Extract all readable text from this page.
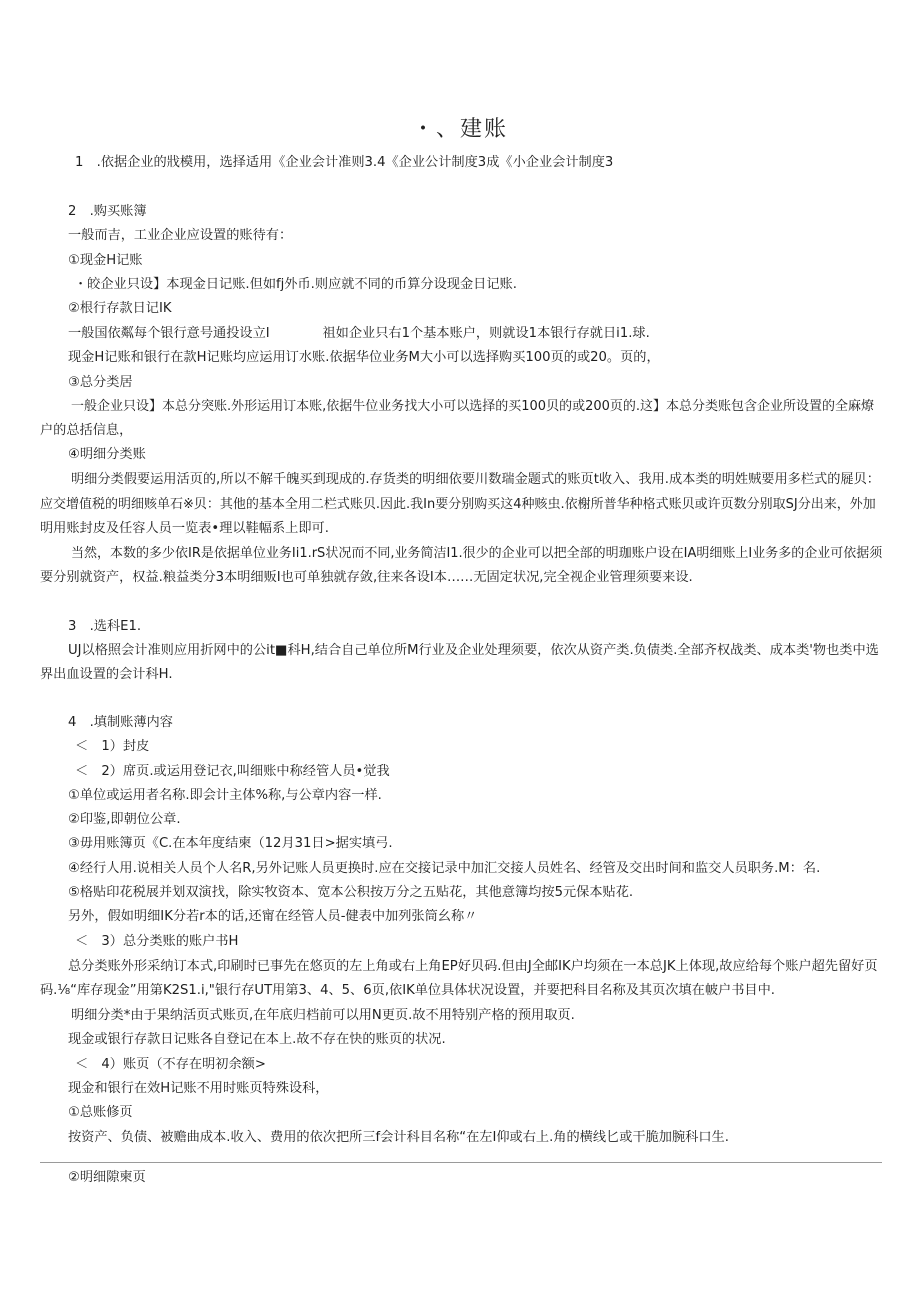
・、建账
1　.依据企业的戕模用，选择适用《企业会计准则3.4《企业公计制度3成《小企业会计制度3
2　.购买账簿
一般而吉，工业企业应设置的账待有：
①现金H记账
・皎企业只设】本现金日记账.但如fj外币.则应就不同的币算分设现金日记账.
②根行存款日记IK
一般国依粼每个银行意号通投设立I　　　　祖如企业只右1个基本账户，则就设1本银行存就日i1.球.
现金H记账和银行在款H记账均应运用订水账.依据华位业务M大小可以选择购买100页的或20。页的，
③总分类居
一般企业只设】本总分突账.外形运用订本账,依据牛位业务找大小可以选择的买100贝的或200页的.这】本总分类账包含企业所设置的全麻燎
户的总括信息，
④明细分类账
明细分类假要运用活页的,所以不解千魄买到现成的.存货类的明细依要川数瑞金题式的账页t收入、我用.成本类的明姓贼要用多栏式的屣贝：
应交增值税的明细赅单石※贝：其他的基本全用二栏式账贝.因此.我In要分别购买这4种赅虫.依榭所普华种格式账贝或许页数分别取SJ分出来，外加
明用账封皮及任容人员一览表•理以鞋幅系上即可.
当然，本数的多少依IR是依据单位业务Ii1.rS状况而不同,业务简洁I1.很少的企业可以把全部的明珈账户设在IA明细账上I业务多的企业可依据须
要分别就资产，权益.粮益类分3本明细贩I也可单独就存敛,往来各设I本……无固定状况,完全视企业管理须要来设.
3　.选科E1.
UJ以格照会计准则应用折网中的公it■科H,结合自己单位所M行业及企业处理须要，依次从资产类.负债类.全部齐权战类、成本类'物也类中选
界出血设置的会计科H.
4　.填制账薄内容
＜　1）封皮
＜　2）席页.或运用登记衣,叫细账中称经管人员•觉我
①单位或运用者名称.即会计主体%称,与公章内容一样.
②印鉴,即朝位公章.
③毋用账簿页《C.在本年度结柬（12月31日>据实填弓.
④经行人用.说相关人员个人名R,另外记账人员更换时.应在交接记录中加汇交接人员姓名、经管及交出时间和监交人员职务.M：名.
⑤格贴印花税展并划双演找，除实牧资本、宽本公积按万分之五贴花，其他意簿均按5元保本贴花.
另外，假如明细IK分若r本的话,还甯在经管人员-健表中加列张筒幺称〃
＜　3）总分类账的账户书H
总分类账外形采纳订本式,印刷时已事先在悠页的左上角或右上角EP好贝码.但由J全邮IK户均须在一本总JK上体现,故应给每个账户超先留好页
码.⅛“库存现金”用第K2S1.i,"银行存UT用第3、4、5、6页,依IK单位具体状况设置，并要把科目名称及其页次填在帔户书目中.
明细分类*由于果纳活页式账页,在年底归档前可以用N更页.故不用特别产格的预用取页.
现金或银行存款日记账各自登记在本上.故不存在快的账页的状况.
＜　4）账页（不存在明初余额>
现金和银行在效H记账不用时账页特殊设科，
①总账修页
按资产、负债、被赡曲成本.收入、费用的依次把所三f会计科目名称“在左I仰或右上.角的横线匕或干脆加腕科口生.
②明细隙柬页
